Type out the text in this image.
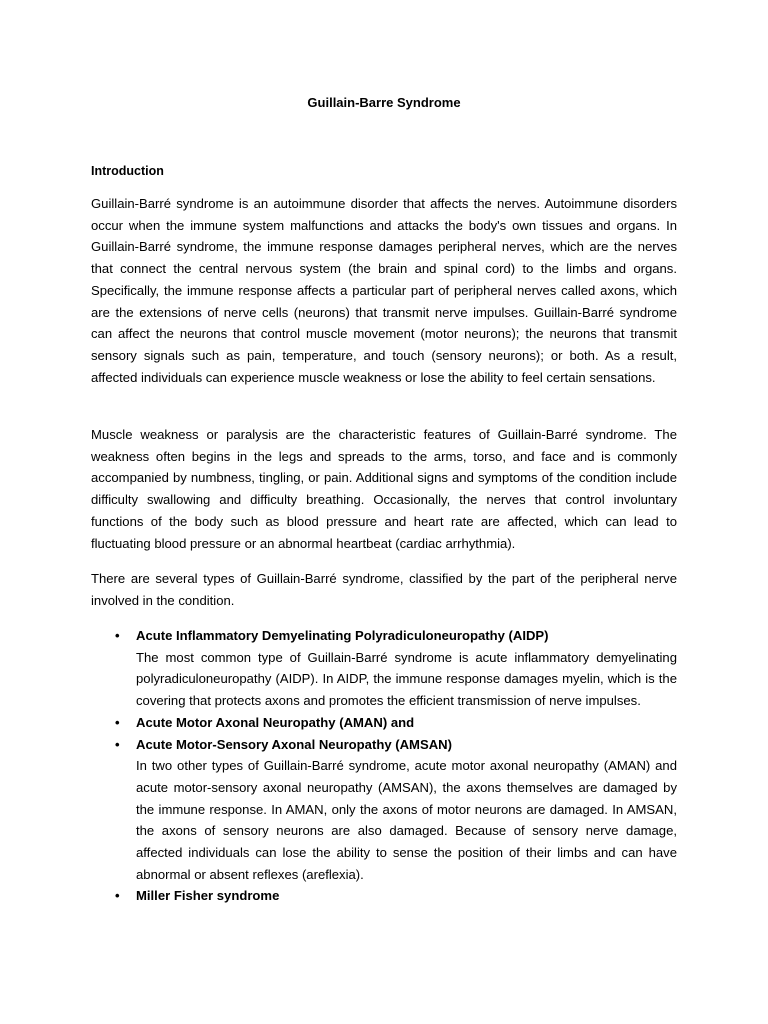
Guillain-Barre Syndrome
Introduction

Guillain-Barré syndrome is an autoimmune disorder that affects the nerves. Autoimmune disorders occur when the immune system malfunctions and attacks the body's own tissues and organs. In Guillain-Barré syndrome, the immune response damages peripheral nerves, which are the nerves that connect the central nervous system (the brain and spinal cord) to the limbs and organs. Specifically, the immune response affects a particular part of peripheral nerves called axons, which are the extensions of nerve cells (neurons) that transmit nerve impulses. Guillain-Barré syndrome can affect the neurons that control muscle movement (motor neurons); the neurons that transmit sensory signals such as pain, temperature, and touch (sensory neurons); or both. As a result, affected individuals can experience muscle weakness or lose the ability to feel certain sensations.

Muscle weakness or paralysis are the characteristic features of Guillain-Barré syndrome. The weakness often begins in the legs and spreads to the arms, torso, and face and is commonly accompanied by numbness, tingling, or pain. Additional signs and symptoms of the condition include difficulty swallowing and difficulty breathing. Occasionally, the nerves that control involuntary functions of the body such as blood pressure and heart rate are affected, which can lead to fluctuating blood pressure or an abnormal heartbeat (cardiac arrhythmia).

There are several types of Guillain-Barré syndrome, classified by the part of the peripheral nerve involved in the condition.

• Acute Inflammatory Demyelinating Polyradiculoneuropathy (AIDP)
The most common type of Guillain-Barré syndrome is acute inflammatory demyelinating polyradiculoneuropathy (AIDP). In AIDP, the immune response damages myelin, which is the covering that protects axons and promotes the efficient transmission of nerve impulses.
• Acute Motor Axonal Neuropathy (AMAN) and
• Acute Motor-Sensory Axonal Neuropathy (AMSAN)
In two other types of Guillain-Barré syndrome, acute motor axonal neuropathy (AMAN) and acute motor-sensory axonal neuropathy (AMSAN), the axons themselves are damaged by the immune response. In AMAN, only the axons of motor neurons are damaged. In AMSAN, the axons of sensory neurons are also damaged. Because of sensory nerve damage, affected individuals can lose the ability to sense the position of their limbs and can have abnormal or absent reflexes (areflexia).
• Miller Fisher syndrome
